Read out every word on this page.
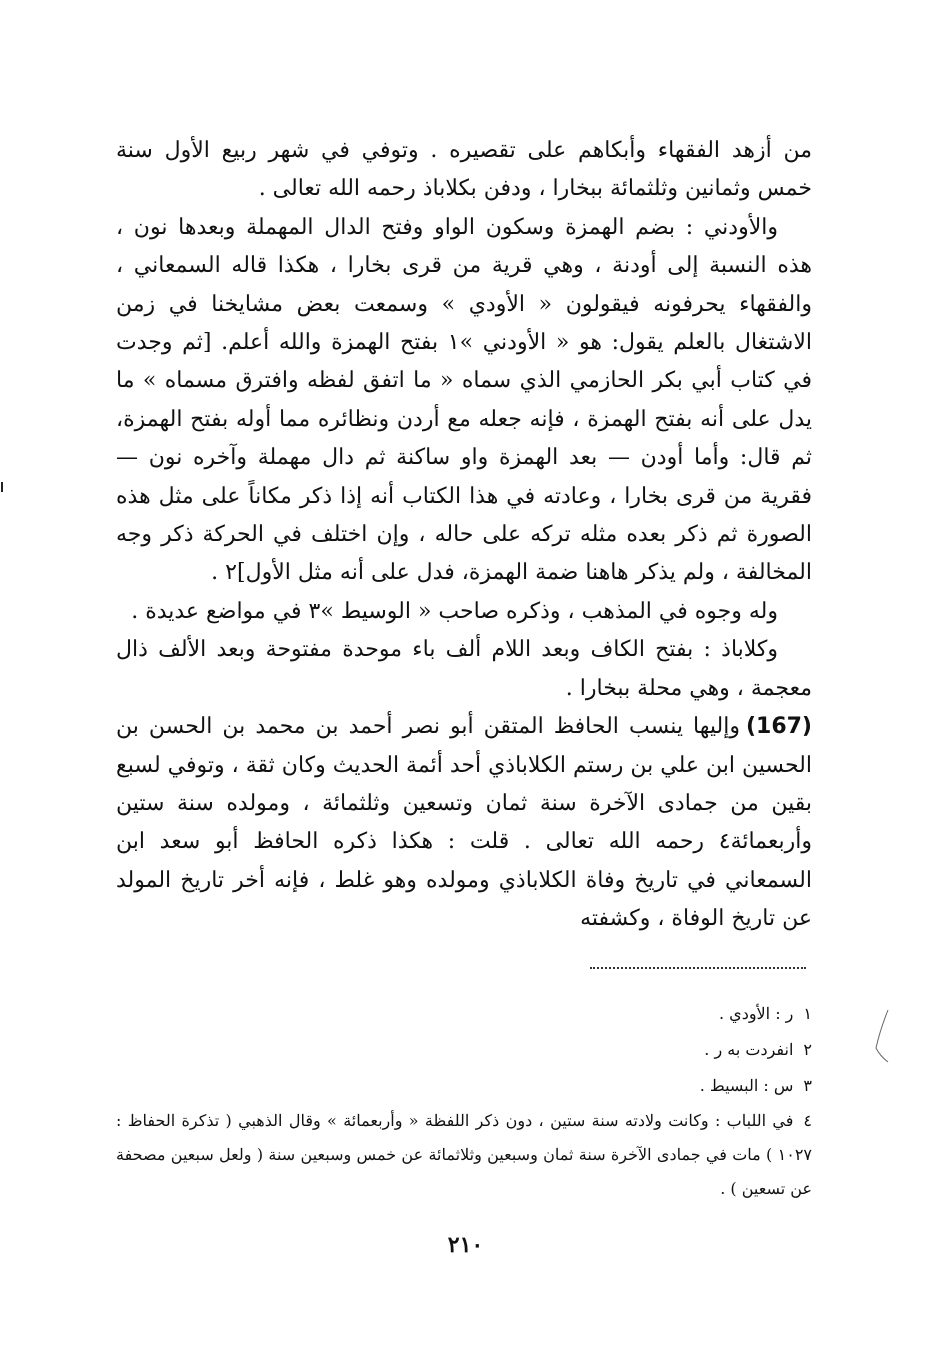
من أزهد الفقهاء وأبكاهم على تقصيره . وتوفي في شهر ربيع الأول سنة خمس وثمانين وثلثمائة ببخارا ، ودفن بكلاباذ رحمه الله تعالى .

والأودني : بضم الهمزة وسكون الواو وفتح الدال المهملة وبعدها نون ، هذه النسبة إلى أودنة ، وهي قرية من قرى بخارا ، هكذا قاله السمعاني ، والفقهاء يحرفونه فيقولون « الأودي » وسمعت بعض مشايخنا في زمن الاشتغال بالعلم يقول: هو « الأودني »١ بفتح الهمزة والله أعلم. [ثم وجدت في كتاب أبي بكر الحازمي الذي سماه « ما اتفق لفظه وافترق مسماه » ما يدل على أنه بفتح الهمزة ، فإنه جعله مع أردن ونظائره مما أوله بفتح الهمزة، ثم قال: وأما أودن — بعد الهمزة واو ساكنة ثم دال مهملة وآخره نون — فقرية من قرى بخارا ، وعادته في هذا الكتاب أنه إذا ذكر مكاناً على مثل هذه الصورة ثم ذكر بعده مثله تركه على حاله ، وإن اختلف في الحركة ذكر وجه المخالفة ، ولم يذكر هاهنا ضمة الهمزة، فدل على أنه مثل الأول]٢ .

وله وجوه في المذهب ، وذكره صاحب « الوسيط »٣ في مواضع عديدة .

وكلاباذ : بفتح الكاف وبعد اللام ألف باء موحدة مفتوحة وبعد الألف ذال معجمة ، وهي محلة ببخارا .

(167)وإليها ينسب الحافظ المتقن أبو نصر أحمد بن محمد بن الحسن بن الحسين ابن علي بن رستم الكلاباذي أحد أئمة الحديث وكان ثقة ، وتوفي لسبع بقين من جمادى الآخرة سنة ثمان وتسعين وثلثمائة ، ومولده سنة ستين وأربعمائة٤ رحمه الله تعالى . قلت : هكذا ذكره الحافظ أبو سعد ابن السمعاني في تاريخ وفاة الكلاباذي ومولده وهو غلط ، فإنه أخر تاريخ المولد عن تاريخ الوفاة ، وكشفته

١ر : الأودي .

٢انفردت به ر .

٣س : البسيط .

٤في اللباب : وكانت ولادته سنة ستين ، دون ذكر اللفظة « وأربعمائة » وقال الذهبي ( تذكرة الحفاظ : ١٠٢٧ ) مات في جمادى الآخرة سنة ثمان وسبعين وثلاثمائة عن خمس وسبعين سنة ( ولعل سبعين مصحفة عن تسعين ) .

٢١٠
